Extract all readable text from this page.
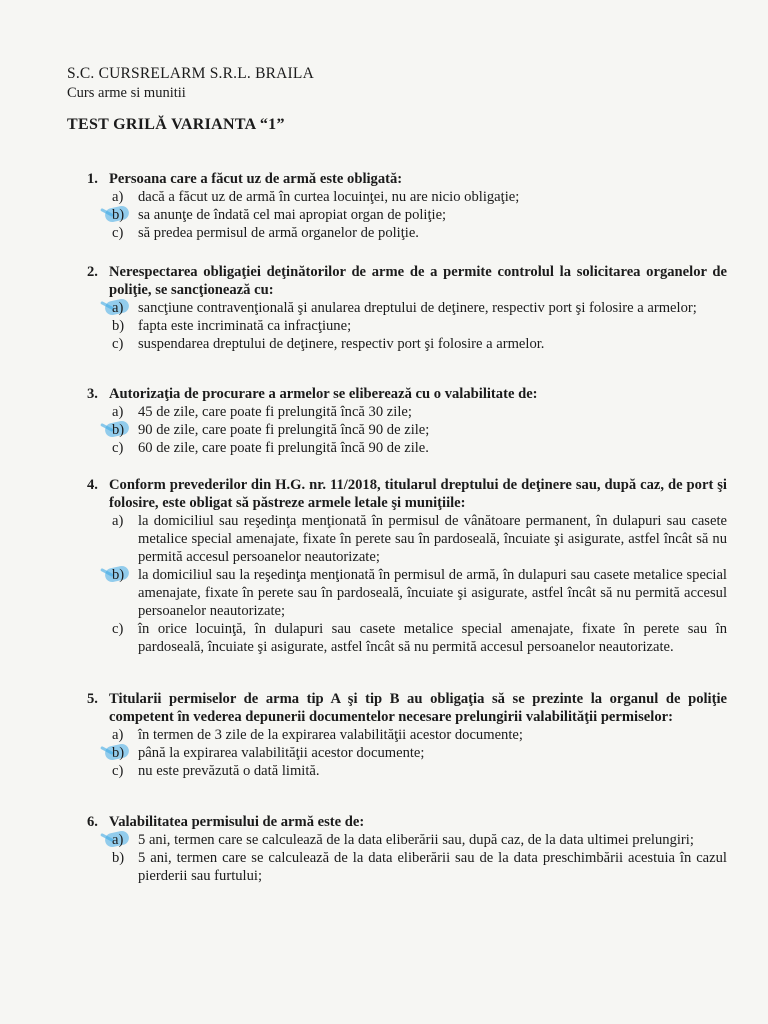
S.C. CURSRELARM S.R.L. BRAILA
Curs arme si munitii
TEST GRILĂ VARIANTA “1”
1. Persoana care a făcut uz de armă este obligată:
a)	dacă a făcut uz de armă în curtea locuinţei, nu are nicio obligaţie;
b) sa anunţe de îndată cel mai apropiat organ de poliţie;
c)	să predea permisul de armă organelor de poliţie.
2. Nerespectarea obligaţiei deţinătorilor de arme de a permite controlul la solicitarea organelor de poliţie, se sancţionează cu:
a)	sancţiune contravenţională şi anularea dreptului de deţinere, respectiv port şi folosire a armelor;
b) fapta este incriminată ca infracţiune;
c)	suspendarea dreptului de deţinere, respectiv port şi folosire a armelor.
3. Autorizaţia de procurare a armelor se eliberează cu o valabilitate de:
a)	45 de zile, care poate fi prelungită încă 30 zile;
b) 90 de zile, care poate fi prelungită încă 90 de zile;
c)	60 de zile, care poate fi prelungită încă 90 de zile.
4. Conform prevederilor din H.G. nr. 11/2018, titularul dreptului de deţinere sau, după caz, de port şi folosire, este obligat să păstreze armele letale şi muniţiile:
a)	la domiciliul sau reşedinţa menţionată în permisul de vânătoare permanent, în dulapuri sau casete metalice special amenajate, fixate în perete sau în pardoseală, încuiate şi asigurate, astfel încât să nu permită accesul persoanelor neautorizate;
b) la domiciliul sau la reşedinţa menţionată în permisul de armă, în dulapuri sau casete metalice special amenajate, fixate în perete sau în pardoseală, încuiate şi asigurate, astfel încât să nu permită accesul persoanelor neautorizate;
c)	în orice locuinţă, în dulapuri sau casete metalice special amenajate, fixate în perete sau în pardoseală, încuiate şi asigurate, astfel încât să nu permită accesul persoanelor neautorizate.
5. Titularii permiselor de arma tip A şi tip B au obligaţia să se prezinte la organul de poliţie competent în vederea depunerii documentelor necesare prelungirii valabilităţii permiselor:
a)	în termen de 3 zile de la expirarea valabilităţii acestor documente;
b) până la expirarea valabilităţii acestor documente;
c)	nu este prevăzută o dată limită.
6. Valabilitatea permisului de armă este de:
a)	5 ani, termen care se calculează de la data eliberării sau, după caz, de la data ultimei prelungiri;
b) 5 ani, termen care se calculează de la data eliberării sau de la data preschimbării acestuia în cazul pierderii sau furtului;
